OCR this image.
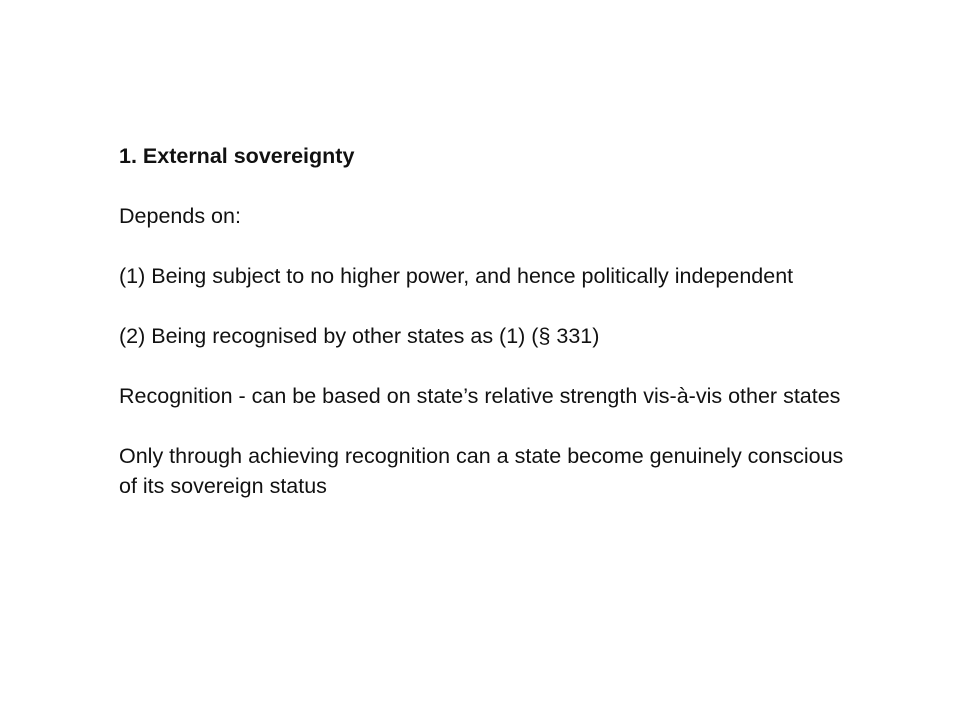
1. External sovereignty
Depends on:
(1) Being subject to no higher power, and hence politically independent
(2) Being recognised by other states as (1) (§ 331)
Recognition - can be based on state’s relative strength vis-à-vis other states
Only through achieving recognition can a state become genuinely conscious of its sovereign status
